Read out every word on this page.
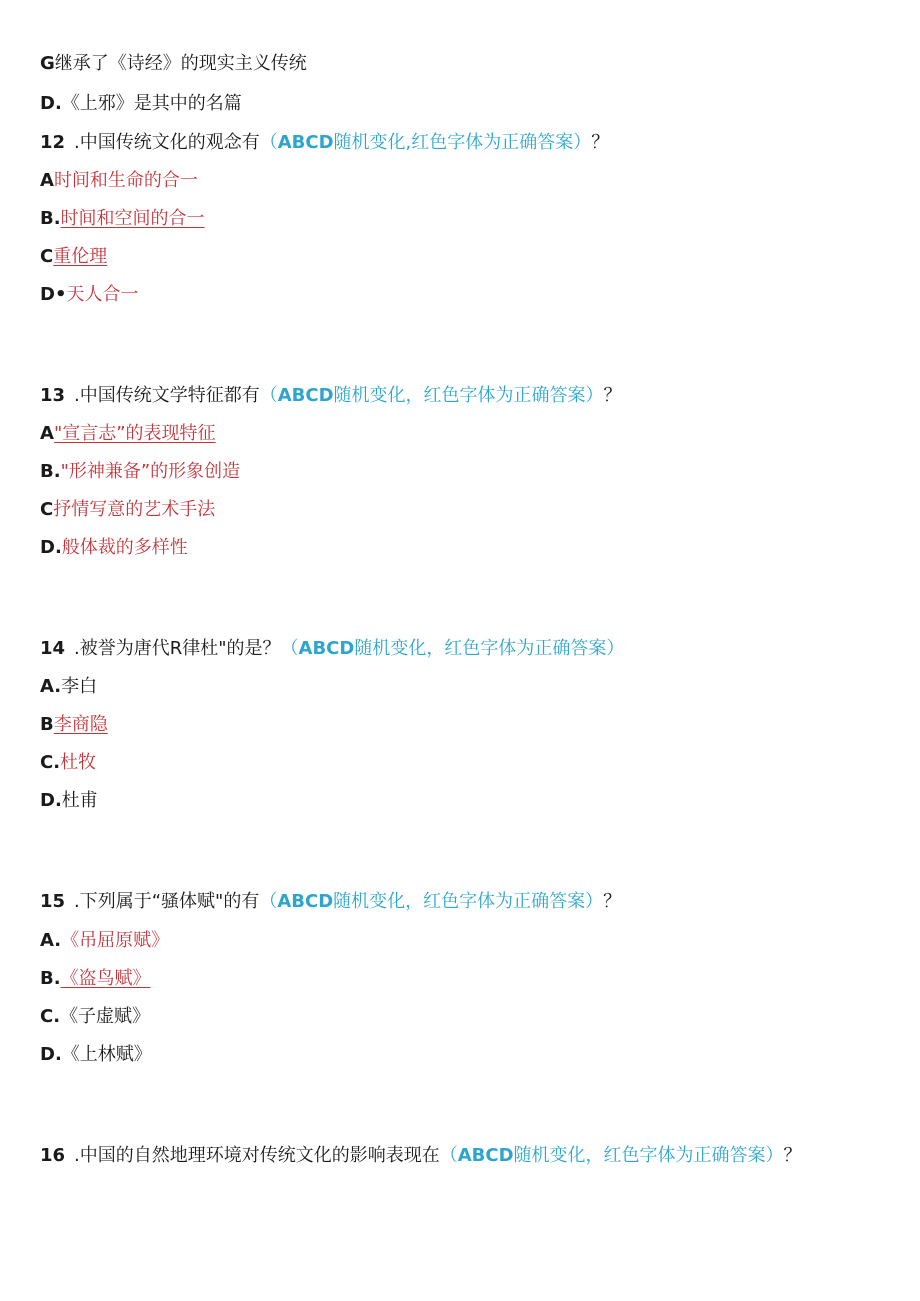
G继承了《诗经》的现实主义传统
D.《上邪》是其中的名篇
12 .中国传统文化的观念有（ABCD随机变化,红色字体为正确答案）？
A时间和生命的合一
B.时间和空间的合一
C重伦理
D•天人合一
13 .中国传统文学特征都有（ABCD随机变化，红色字体为正确答案）？
A"宣言志”的表现特征
B."形神兼备”的形象创造
C抒情写意的艺术手法
D.般体裁的多样性
14 .被誉为唐代R律杜"的是？（ABCD随机变化，红色字体为正确答案）
A.李白
B李商隐
C.杜牧
D.杜甫
15 .下列属于“骚体赋"的有（ABCD随机变化，红色字体为正确答案）？
A.《吊屈原赋》
B.《盗鸟赋》
C.《子虚赋》
D.《上林赋》
16 .中国的自然地理环境对传统文化的影响表现在（ABCD随机变化，红色字体为正确答案）？
